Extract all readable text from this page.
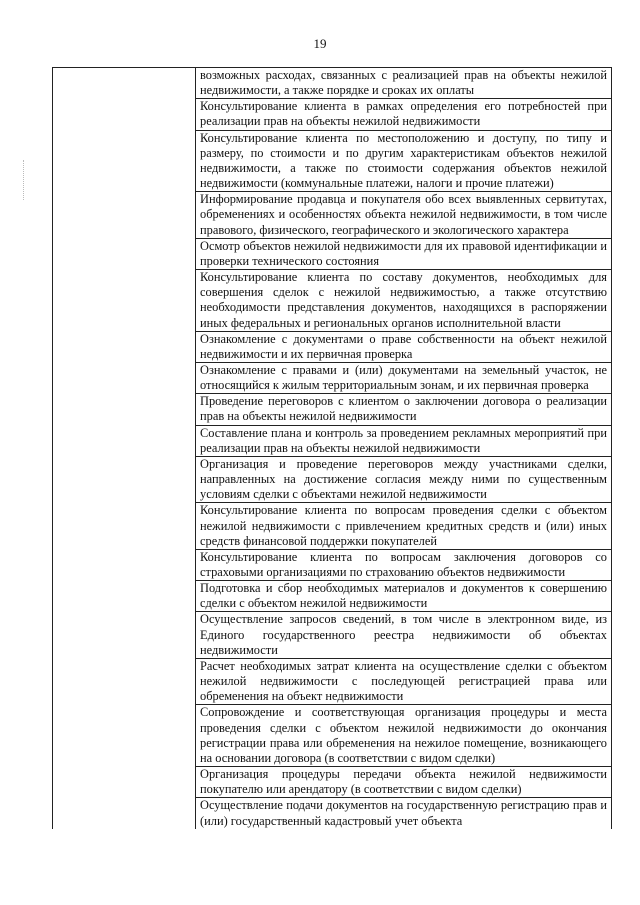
19
	возможных расходах, связанных с реализацией прав на объекты нежилой недвижимости, а также порядке и сроках их оплаты
Консультирование клиента в рамках определения его потребностей при реализации прав на объекты нежилой недвижимости
Консультирование клиента по местоположению и доступу, по типу и размеру, по стоимости и по другим характеристикам объектов нежилой недвижимости, а также по стоимости содержания объектов нежилой недвижимости (коммунальные платежи, налоги и прочие платежи)
Информирование продавца и покупателя обо всех выявленных сервитутах, обременениях и особенностях объекта нежилой недвижимости, в том числе правового, физического, географического и экологического характера
Осмотр объектов нежилой недвижимости для их правовой идентификации и проверки технического состояния
Консультирование клиента по составу документов, необходимых для совершения сделок с нежилой недвижимостью, а также отсутствию необходимости представления документов, находящихся в распоряжении иных федеральных и региональных органов исполнительной власти
Ознакомление с документами о праве собственности на объект нежилой недвижимости и их первичная проверка
Ознакомление с правами и (или) документами на земельный участок, не относящийся к жилым территориальным зонам, и их первичная проверка
Проведение переговоров с клиентом о заключении договора о реализации прав на объекты нежилой недвижимости
Составление плана и контроль за проведением рекламных мероприятий при реализации прав на объекты нежилой недвижимости
Организация и проведение переговоров между участниками сделки, направленных на достижение согласия между ними по существенным условиям сделки с объектами нежилой недвижимости
Консультирование клиента по вопросам проведения сделки с объектом нежилой недвижимости с привлечением кредитных средств и (или) иных средств финансовой поддержки покупателей
Консультирование клиента по вопросам заключения договоров со страховыми организациями по страхованию объектов недвижимости
Подготовка и сбор необходимых материалов и документов к совершению сделки с объектом нежилой недвижимости
Осуществление запросов сведений, в том числе в электронном виде, из Единого государственного реестра недвижимости об объектах недвижимости
Расчет необходимых затрат клиента на осуществление сделки с объектом нежилой недвижимости с последующей регистрацией права или обременения на объект недвижимости
Сопровождение и соответствующая организация процедуры и места проведения сделки с объектом нежилой недвижимости до окончания регистрации права или обременения на нежилое помещение, возникающего на основании договора (в соответствии с видом сделки)
Организация процедуры передачи объекта нежилой недвижимости покупателю или арендатору (в соответствии с видом сделки)
Осуществление подачи документов на государственную регистрацию прав и (или) государственный кадастровый учет объекта
